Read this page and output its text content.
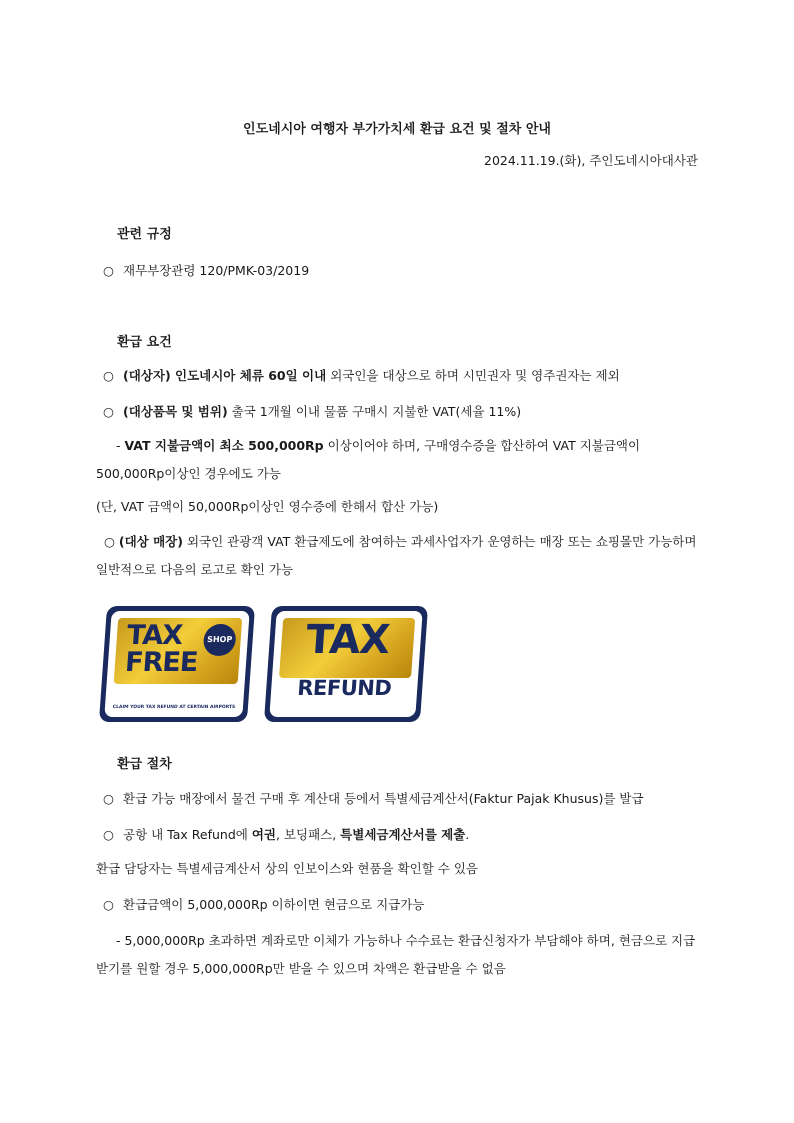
인도네시아 여행자 부가가치세 환급 요건 및 절차 안내
2024.11.19.(화), 주인도네시아대사관
관련 규정
○ 재무부장관령 120/PMK-03/2019
환급 요건
○ (대상자) 인도네시아 체류 60일 이내 외국인을 대상으로 하며 시민권자 및 영주권자는 제외
○ (대상품목 및 범위) 출국 1개월 이내 물품 구매시 지불한 VAT(세율 11%)
- VAT 지불금액이 최소 500,000Rp 이상이어야 하며, 구매영수증을 합산하여 VAT 지불금액이 500,000Rp이상인 경우에도 가능
(단, VAT 금액이 50,000Rp이상인 영수증에 한해서 합산 가능)
○ (대상 매장) 외국인 관광객 VAT 환급제도에 참여하는 과세사업자가 운영하는 매장 또는 쇼핑몰만 가능하며 일반적으로 다음의 로고로 확인 가능
TAX
FREE
SHOP
ALL TOURISTS WELCOME
CLAIM YOUR TAX REFUND AT CERTAIN AIRPORTS
TAX
REFUND
FOR TOURISTS
환급 절차
○ 환급 가능 매장에서 물건 구매 후 계산대 등에서 특별세금계산서(Faktur Pajak Khusus)를 발급
○ 공항 내 Tax Refund에 여권, 보딩패스, 특별세금계산서를 제출.
환급 담당자는 특별세금계산서 상의 인보이스와 현품을 확인할 수 있음
○ 환급금액이 5,000,000Rp 이하이면 현금으로 지급가능
- 5,000,000Rp 초과하면 계좌로만 이체가 가능하나 수수료는 환급신청자가 부담해야 하며, 현금으로 지급받기를 원할 경우 5,000,000Rp만 받을 수 있으며 차액은 환급받을 수 없음
